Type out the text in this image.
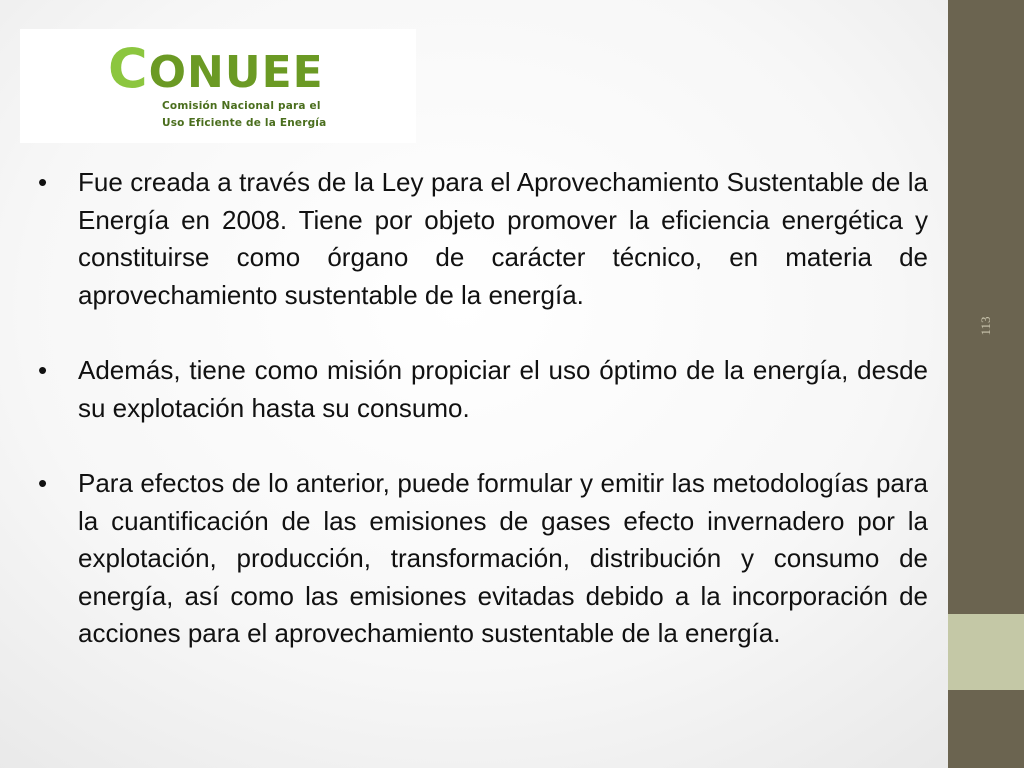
CONUEE
Comisión Nacional para el
Uso Eficiente de la Energía
•	Fue creada a través de la Ley para el Aprovechamiento Sustentable de la Energía en 2008. Tiene por objeto promover la eficiencia energética y constituirse como órgano de carácter técnico, en materia de aprovechamiento sustentable de la energía.
•	Además, tiene como misión propiciar el uso óptimo de la energía, desde su explotación hasta su consumo.
•	Para efectos de lo anterior, puede formular y emitir las metodologías para la cuantificación de las emisiones de gases efecto invernadero por la explotación, producción, transformación, distribución y consumo de energía, así como las emisiones evitadas debido a la incorporación de acciones para el aprovechamiento sustentable de la energía.
113
